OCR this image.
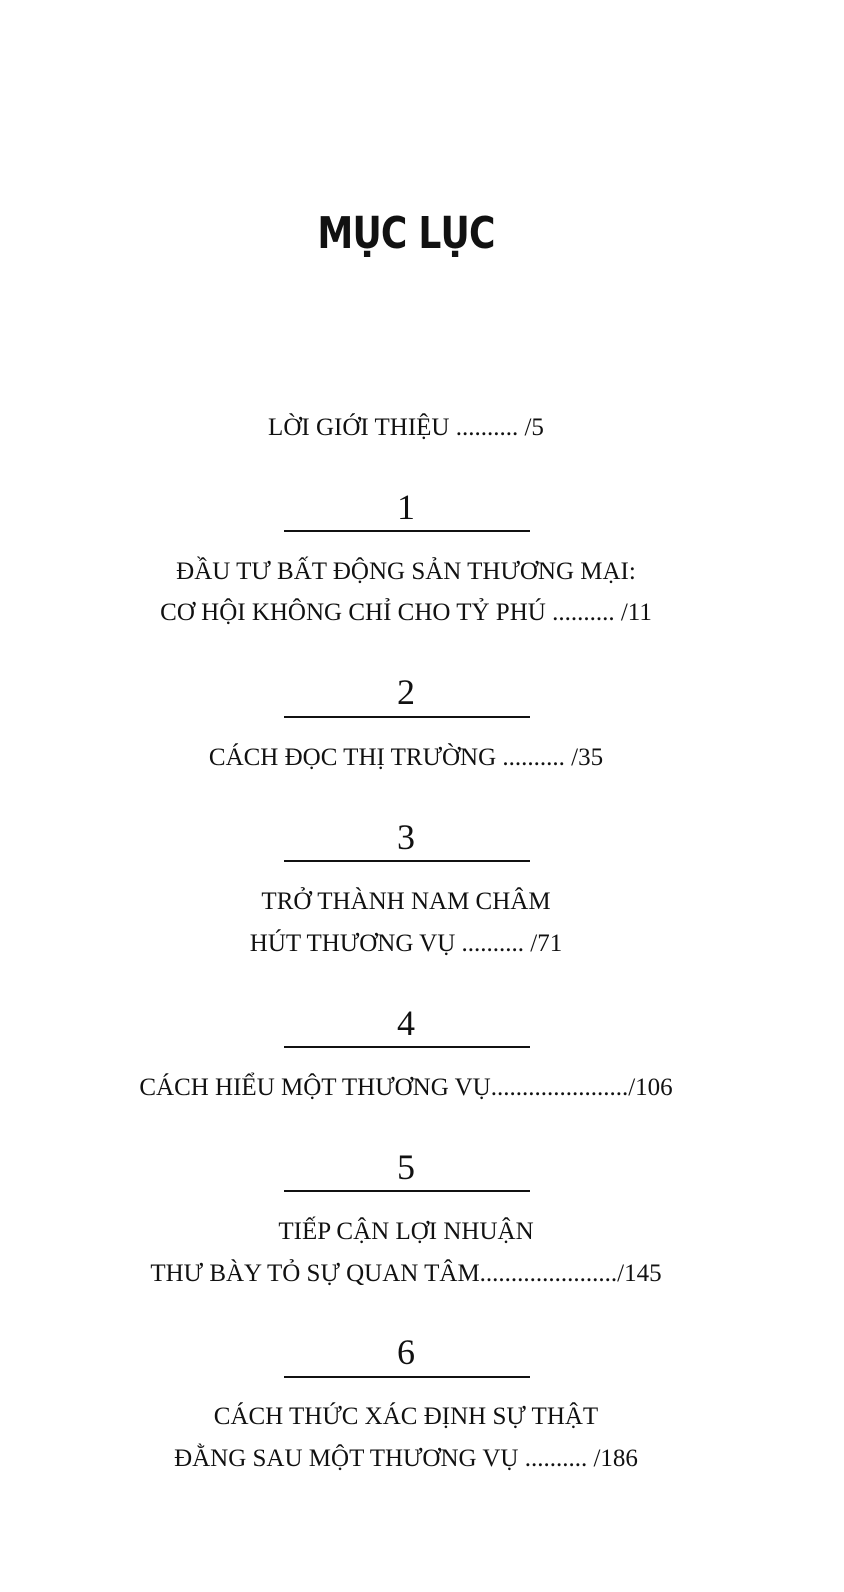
MỤC LỤC
LỜI GIỚI THIỆU .......... /5
1
ĐẦU TƯ BẤT ĐỘNG SẢN THƯƠNG MẠI:
CƠ HỘI KHÔNG CHỈ CHO TỶ PHÚ .......... /11
2
CÁCH ĐỌC THỊ TRƯỜNG .......... /35
3
TRỞ THÀNH NAM CHÂM
HÚT THƯƠNG VỤ .......... /71
4
CÁCH HIỂU MỘT THƯƠNG VỤ....................../106
5
TIẾP CẬN LỢI NHUẬN
THƯ BÀY TỎ SỰ QUAN TÂM....................../145
6
CÁCH THỨC XÁC ĐỊNH SỰ THẬT
ĐẰNG SAU MỘT THƯƠNG VỤ .......... /186
